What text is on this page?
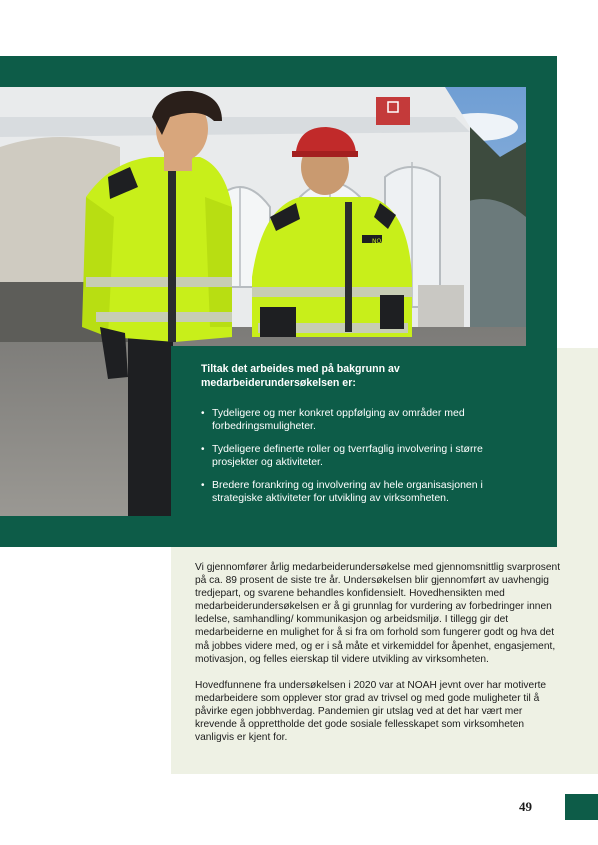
NOAH
Tiltak det arbeides med på bakgrunn av medarbeiderundersøkelsen er:
• Tydeligere og mer konkret oppfølging av områder med forbedringsmuligheter.
• Tydeligere definerte roller og tverrfaglig involvering i større prosjekter og aktiviteter.
• Bredere forankring og involvering av hele organisasjonen i strategiske aktiviteter for utvikling av virksomheten.

Vi gjennomfører årlig medarbeiderundersøkelse med gjennomsnittlig svarprosent på ca. 89 prosent de siste tre år. Undersøkelsen blir gjennomført av uavhengig tredjepart, og svarene behandles konfidensielt. Hovedhensikten med medarbeiderundersøkelsen er å gi grunnlag for vurdering av forbedringer innen ledelse, samhandling/ kommunikasjon og arbeidsmiljø. I tillegg gir det medarbeiderne en mulighet for å si fra om forhold som fungerer godt og hva det må jobbes videre med, og er i så måte et virkemiddel for åpenhet, engasjement, motivasjon, og felles eierskap til videre utvikling av virksomheten.

Hovedfunnene fra undersøkelsen i 2020 var at NOAH jevnt over har motiverte medarbeidere som opplever stor grad av trivsel og med gode muligheter til å påvirke egen jobbhverdag. Pandemien gir utslag ved at det har vært mer krevende å opprettholde det gode sosiale fellesskapet som virksomheten vanligvis er kjent for.

49
